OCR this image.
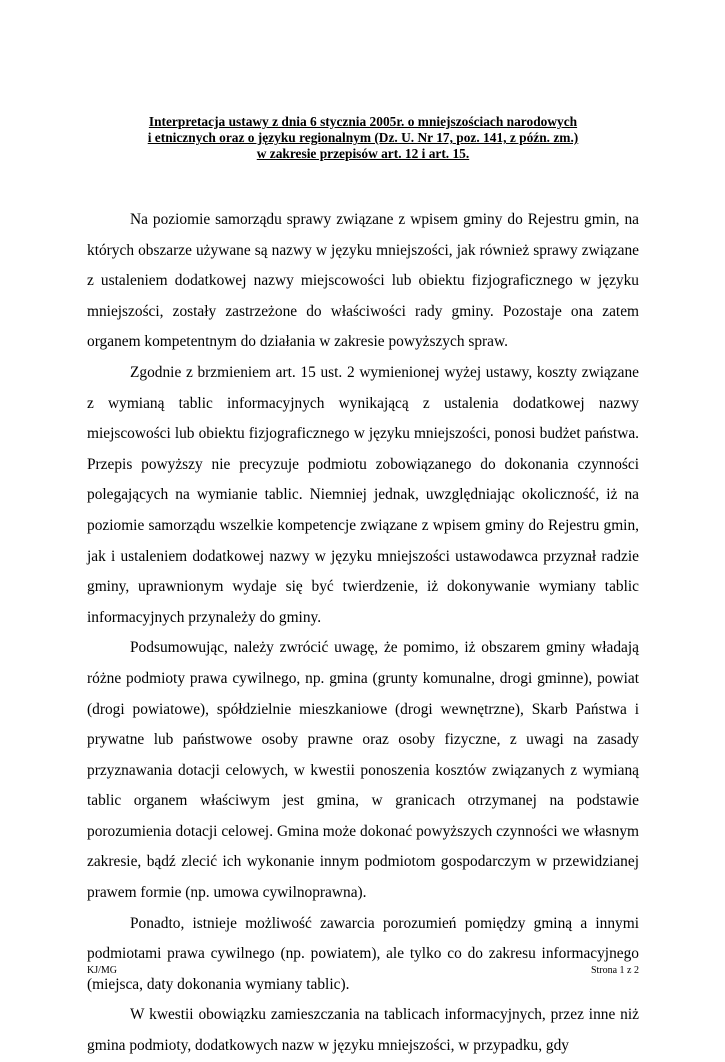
Interpretacja ustawy z dnia 6 stycznia 2005r. o mniejszościach narodowych
i etnicznych oraz o języku regionalnym (Dz. U. Nr 17, poz. 141, z późn. zm.)
w zakresie przepisów art. 12 i art. 15.

Na poziomie samorządu sprawy związane z wpisem gminy do Rejestru gmin, na których obszarze używane są nazwy w języku mniejszości, jak również sprawy związane z ustaleniem dodatkowej nazwy miejscowości lub obiektu fizjograficznego w języku mniejszości, zostały zastrzeżone do właściwości rady gminy. Pozostaje ona zatem organem kompetentnym do działania w zakresie powyższych spraw.

Zgodnie z brzmieniem art. 15 ust. 2 wymienionej wyżej ustawy, koszty związane z wymianą tablic informacyjnych wynikającą z ustalenia dodatkowej nazwy miejscowości lub obiektu fizjograficznego w języku mniejszości, ponosi budżet państwa. Przepis powyższy nie precyzuje podmiotu zobowiązanego do dokonania czynności polegających na wymianie tablic. Niemniej jednak, uwzględniając okoliczność, iż na poziomie samorządu wszelkie kompetencje związane z wpisem gminy do Rejestru gmin, jak i ustaleniem dodatkowej nazwy w języku mniejszości ustawodawca przyznał radzie gminy, uprawnionym wydaje się być twierdzenie, iż dokonywanie wymiany tablic informacyjnych przynależy do gminy.

Podsumowując, należy zwrócić uwagę, że pomimo, iż obszarem gminy władają różne podmioty prawa cywilnego, np. gmina (grunty komunalne, drogi gminne), powiat (drogi powiatowe), spółdzielnie mieszkaniowe (drogi wewnętrzne), Skarb Państwa i prywatne lub państwowe osoby prawne oraz osoby fizyczne, z uwagi na zasady przyznawania dotacji celowych, w kwestii ponoszenia kosztów związanych z wymianą tablic organem właściwym jest gmina, w granicach otrzymanej na podstawie porozumienia dotacji celowej. Gmina może dokonać powyższych czynności we własnym zakresie, bądź zlecić ich wykonanie innym podmiotom gospodarczym w przewidzianej prawem formie (np. umowa cywilnoprawna).

Ponadto, istnieje możliwość zawarcia porozumień pomiędzy gminą a innymi podmiotami prawa cywilnego (np. powiatem), ale tylko co do zakresu informacyjnego (miejsca, daty dokonania wymiany tablic).

W kwestii obowiązku zamieszczania na tablicach informacyjnych, przez inne niż gmina podmioty, dodatkowych nazw w języku mniejszości, w przypadku, gdy

KJ/MG	Strona 1 z 2
